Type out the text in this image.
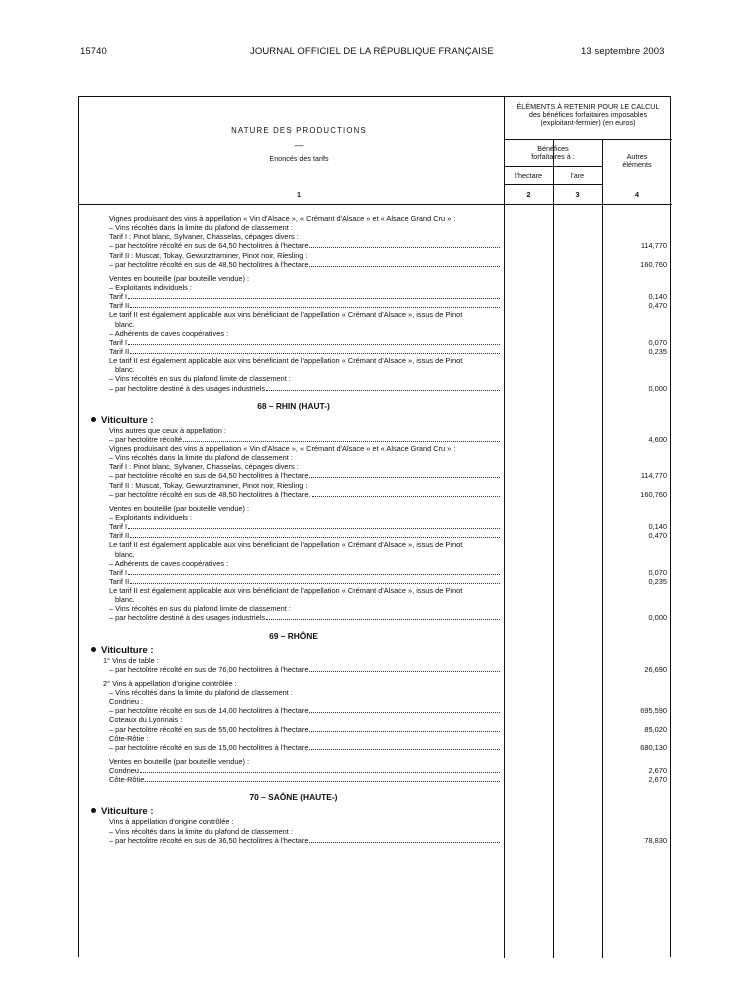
15740	JOURNAL OFFICIEL DE LA RÉPUBLIQUE FRANÇAISE	13 septembre 2003
NATURE DES PRODUCTIONS
—
Enoncés des tarifs
ÉLÉMENTS À RETENIR POUR LE CALCUL
des bénéfices forfaitaires imposables
(exploitant-fermier) (en euros)
Bénéfices
forfaitaires à :
l'hectare	l'are
Autres
éléments
1	2	3	4
Vignes produisant des vins à appellation « Vin d'Alsace », « Crémant d'Alsace » et « Alsace Grand Cru » :
– Vins récoltés dans la limite du plafond de classement :
Tarif I : Pinot blanc, Sylvaner, Chasselas, cépages divers :
– par hectolitre récolté en sus de 64,50 hectolitres à l'hectare	114,770
Tarif II : Muscat, Tokay, Gewurztraminer, Pinot noir, Riesling :
– par hectolitre récolté en sus de 48,50 hectolitres à l'hectare	160,760
Ventes en bouteille (par bouteille vendue) :
– Exploitants individuels :
Tarif I	0,140
Tarif II	0,470
Le tarif II est également applicable aux vins bénéficiant de l'appellation « Crémant d'Alsace », issus de Pinot
blanc.
– Adhérents de caves coopératives :
Tarif I	0,070
Tarif II	0,235
Le tarif II est également applicable aux vins bénéficiant de l'appellation « Crémant d'Alsace », issus de Pinot
blanc.
– Vins récoltés en sus du plafond limite de classement :
– par hectolitre destiné à des usages industriels	0,000
68 – RHIN (HAUT-)
Viticulture :
Vins autres que ceux à appellation :
– par hectolitre récolté	4,600
Vignes produisant des vins à appellation « Vin d'Alsace », « Crémant d'Alsace » et « Alsace Grand Cru » :
– Vins récoltés dans la limite du plafond de classement :
Tarif I : Pinot blanc, Sylvaner, Chasselas, cépages divers :
– par hectolitre récolté en sus de 64,50 hectolitres à l'hectare	114,770
Tarif II : Muscat, Tokay, Gewurztraminer, Pinot noir, Riesling :
– par hectolitre récolté en sus de 48,50 hectolitres à l'hectare.	160,760
Ventes en bouteille (par bouteille vendue) :
– Exploitants individuels :
Tarif I	0,140
Tarif II	0,470
Le tarif II est également applicable aux vins bénéficiant de l'appellation « Crémant d'Alsace », issus de Pinot
blanc.
– Adhérents de caves coopératives :
Tarif I	0,070
Tarif II	0,235
Le tarif II est également applicable aux vins bénéficiant de l'appellation « Crémant d'Alsace », issus de Pinot
blanc.
– Vins récoltés en sus du plafond limite de classement :
– par hectolitre destiné à des usages industriels	0,000
69 – RHÔNE
Viticulture :
1° Vins de table :
– par hectolitre récolté en sus de 76,00 hectolitres à l'hectare	26,690
2° Vins à appellation d'origine contrôlée :
– Vins récoltés dans la limite du plafond de classement :
Condrieu :
– par hectolitre récolté en sus de 14,00 hectolitres à l'hectare	695,590
Coteaux du Lyonnais :
– par hectolitre récolté en sus de 55,00 hectolitres à l'hectare	85,020
Côte-Rôtie :
– par hectolitre récolté en sus de 15,00 hectolitres à l'hectare	680,130
Ventes en bouteille (par bouteille vendue) :
Condrieu	2,670
Côte-Rôtie	2,670
70 – SAÔNE (HAUTE-)
Viticulture :
Vins à appellation d'origine contrôlée :
– Vins récoltés dans la limite du plafond de classement :
– par hectolitre récolté en sus de 36,50 hectolitres à l'hectare	78,830
